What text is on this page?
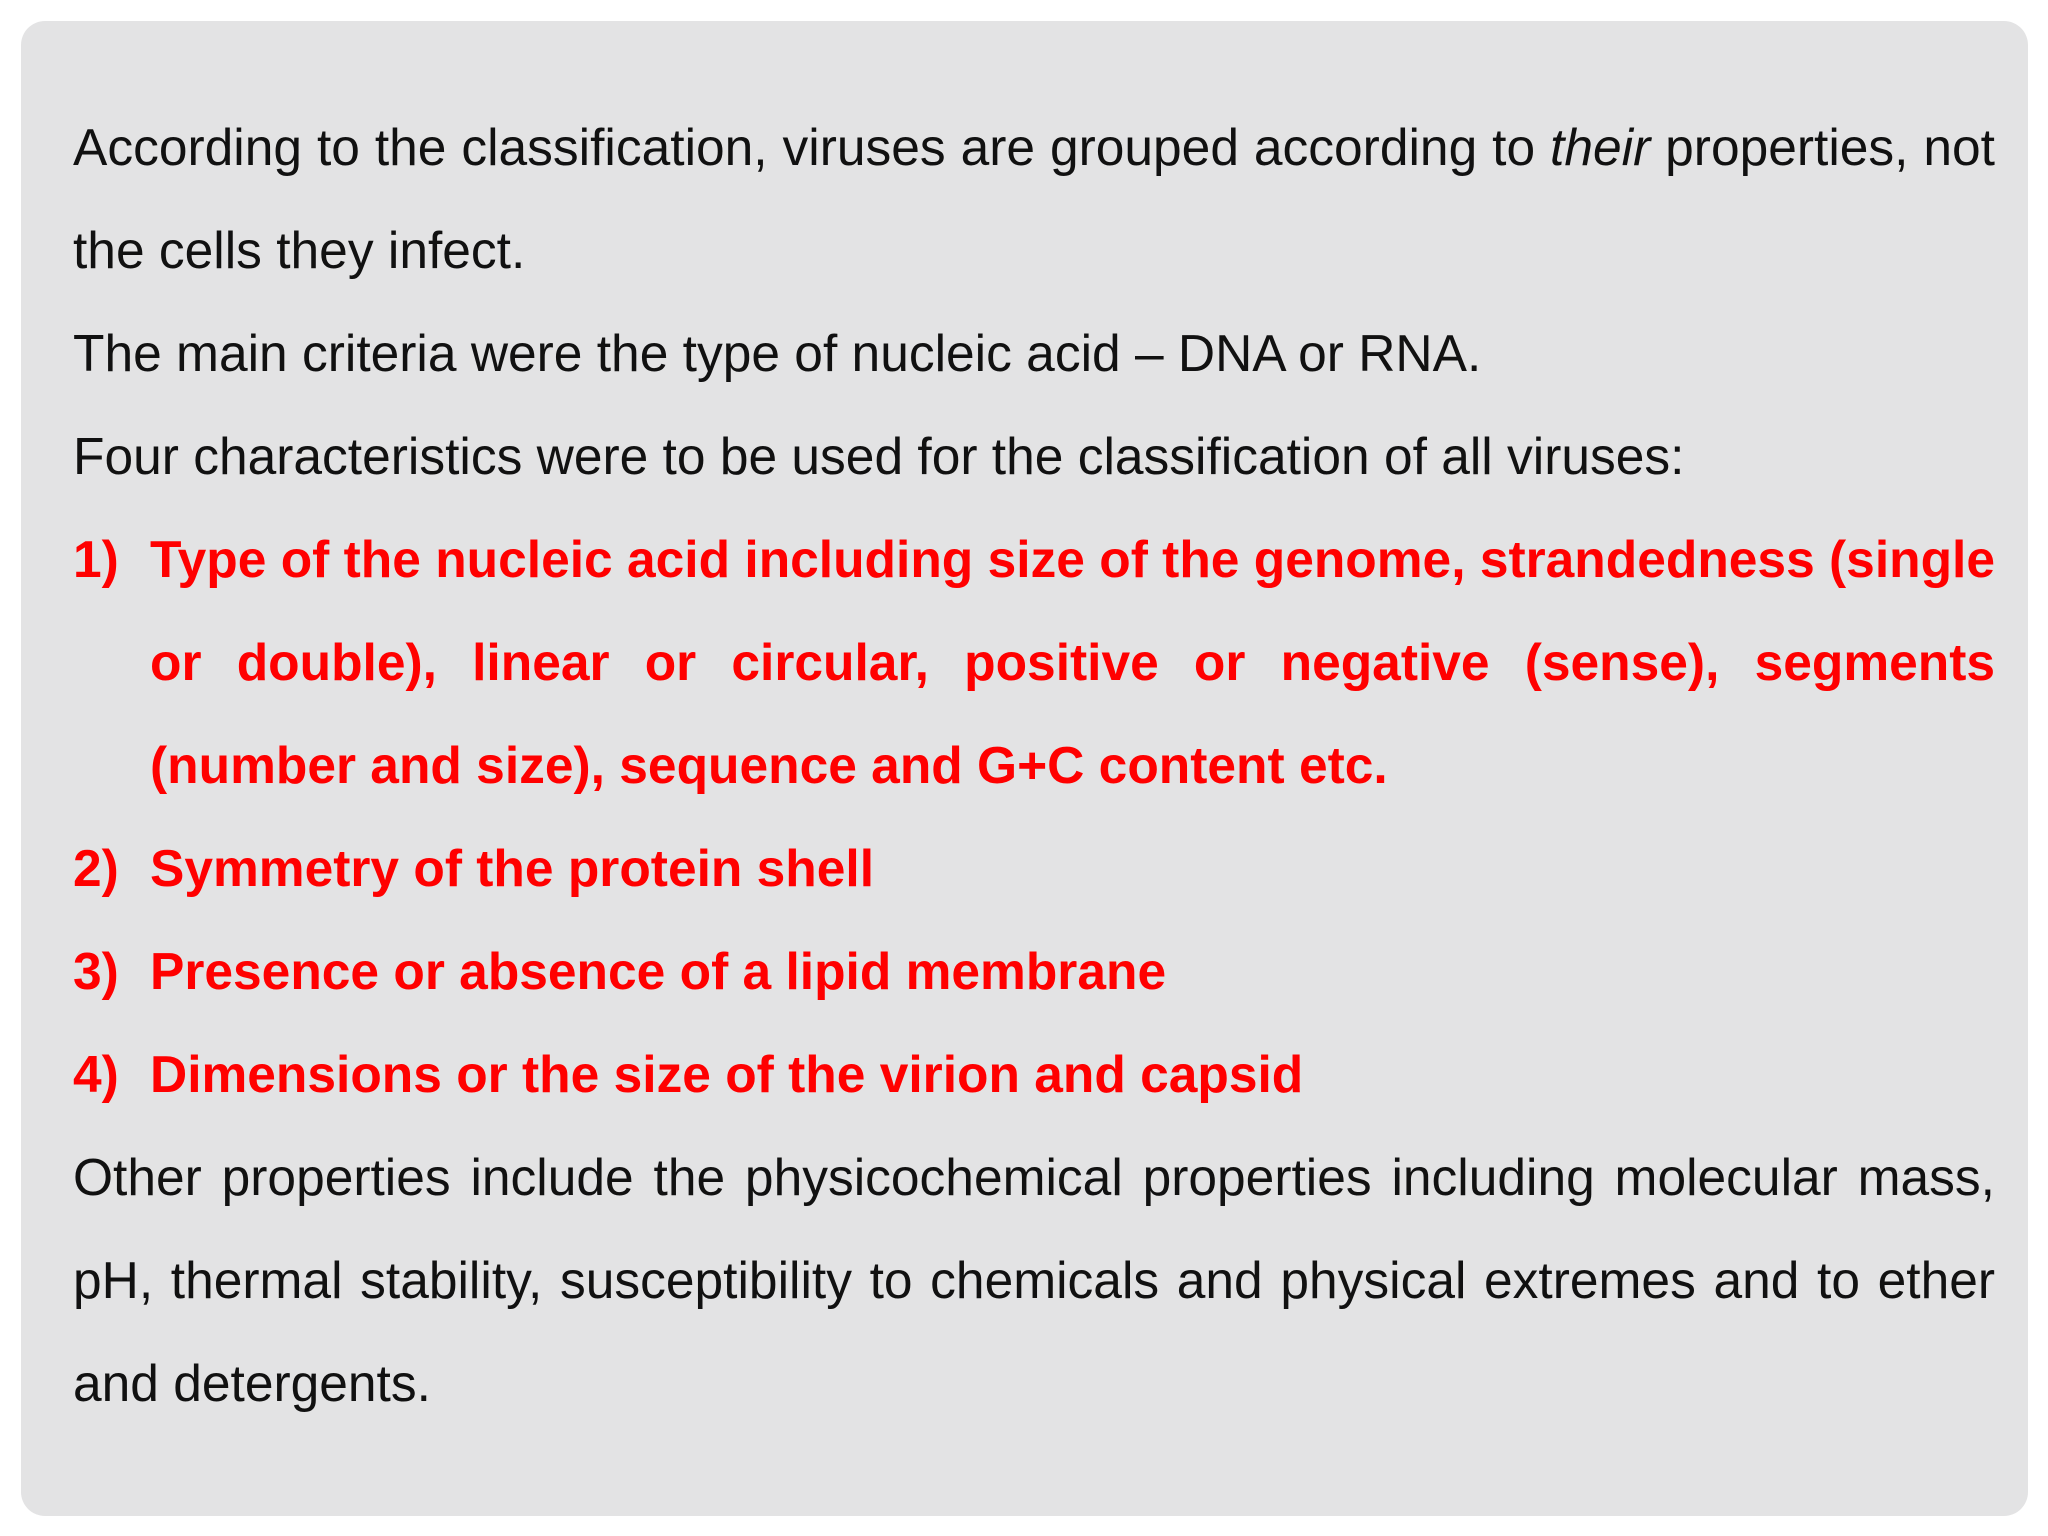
According to the classification, viruses are grouped according to their properties, not the cells they infect.

The main criteria were the type of nucleic acid – DNA or RNA.

Four characteristics were to be used for the classification of all viruses:

1) Type of the nucleic acid including size of the genome, strandedness (single or double), linear or circular, positive or negative (sense), segments (number and size), sequence and G+C content etc.
2) Symmetry of the protein shell
3) Presence or absence of a lipid membrane
4) Dimensions or the size of the virion and capsid

Other properties include the physicochemical properties including molecular mass, pH, thermal stability, susceptibility to chemicals and physical extremes and to ether and detergents.
